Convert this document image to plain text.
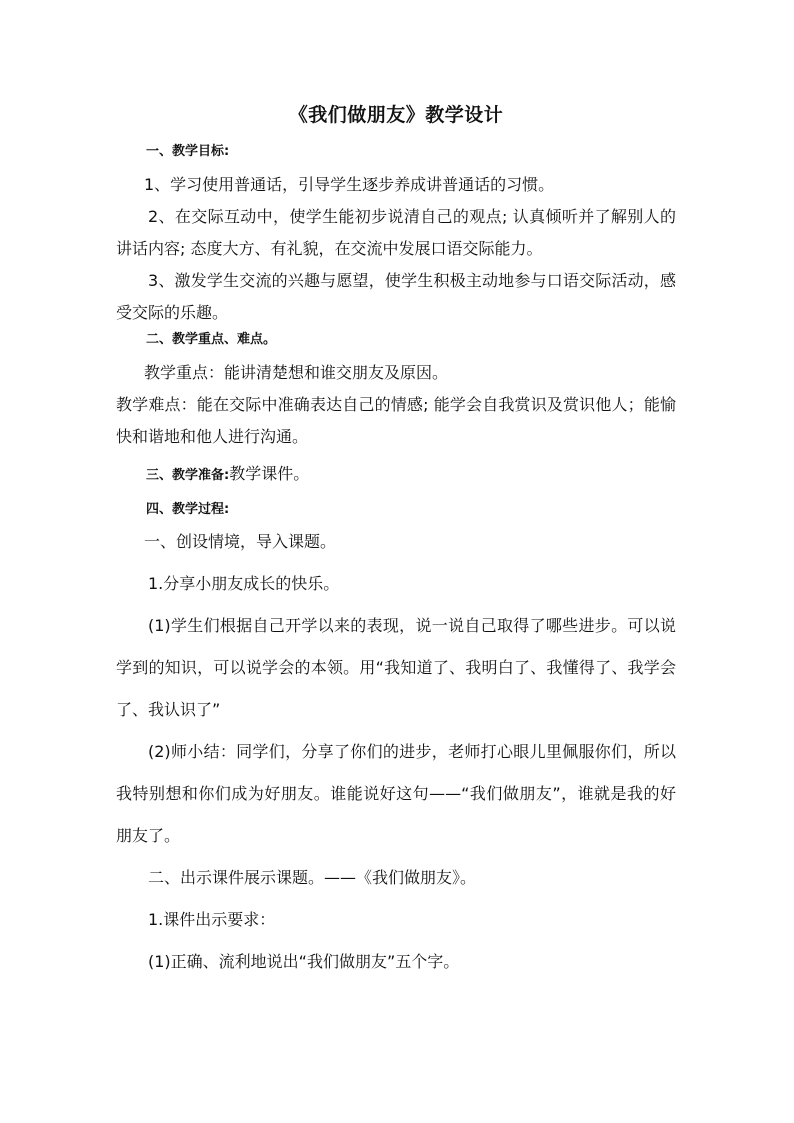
《我们做朋友》教学设计

一、教学目标:

1、学习使用普通话，引导学生逐步养成讲普通话的习惯。

2、在交际互动中，使学生能初步说清自己的观点; 认真倾听并了解别人的讲话内容; 态度大方、有礼貌，在交流中发展口语交际能力。

3、激发学生交流的兴趣与愿望，使学生积极主动地参与口语交际活动，感受交际的乐趣。

二、教学重点、难点。

教学重点：能讲清楚想和谁交朋友及原因。

教学难点：能在交际中准确表达自己的情感; 能学会自我赏识及赏识他人；能愉快和谐地和他人进行沟通。

三、教学准备:教学课件。

四、教学过程:

一、创设情境，导入课题。

1.分享小朋友成长的快乐。

(1)学生们根据自己开学以来的表现，说一说自己取得了哪些进步。可以说学到的知识，可以说学会的本领。用“我知道了、我明白了、我懂得了、我学会了、我认识了”

(2)师小结：同学们，分享了你们的进步，老师打心眼儿里佩服你们，所以我特别想和你们成为好朋友。谁能说好这句——“我们做朋友”，谁就是我的好朋友了。

二、出示课件展示课题。——《我们做朋友》。

1.课件出示要求：

(1)正确、流利地说出“我们做朋友”五个字。
